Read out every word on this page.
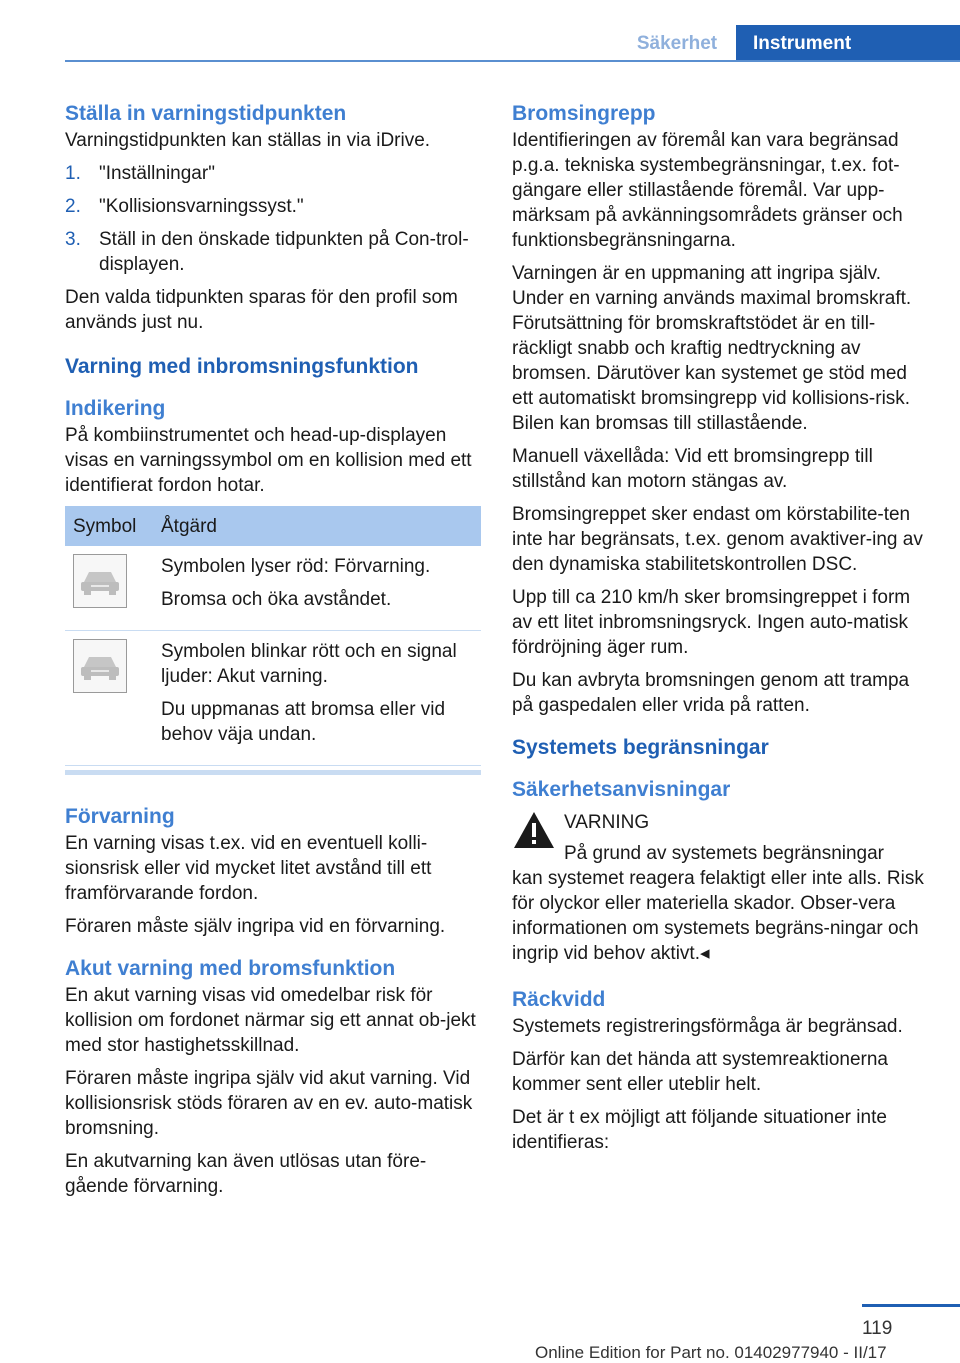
Säkerhet	Instrument
Ställa in varningstidpunkten

Varningstidpunkten kan ställas in via iDrive.

1. "Inställningar"
2. "Kollisionsvarningssyst."
3. Ställ in den önskade tidpunkten på Con-trol-displayen.

Den valda tidpunkten sparas för den profil som används just nu.

Varning med inbromsningsfunktion
Indikering

På kombiinstrumentet och head-up-displayen visas en varningssymbol om en kollision med ett identifierat fordon hotar.

Symbol	Åtgärd

Symbolen lyser röd: Förvarning.

Bromsa och öka avståndet.

Symbolen blinkar rött och en signal ljuder: Akut varning.

Du uppmanas att bromsa eller vid behov väja undan.

Förvarning

En varning visas t.ex. vid en eventuell kolli-sionsrisk eller vid mycket litet avstånd till ett framförvarande fordon.

Föraren måste själv ingripa vid en förvarning.

Akut varning med bromsfunktion

En akut varning visas vid omedelbar risk för kollision om fordonet närmar sig ett annat ob-jekt med stor hastighetsskillnad.

Föraren måste ingripa själv vid akut varning. Vid kollisionsrisk stöds föraren av en ev. auto-matisk bromsning.

En akutvarning kan även utlösas utan före-gående förvarning.

Bromsingrepp

Identifieringen av föremål kan vara begränsad p.g.a. tekniska systembegränsningar, t.ex. fot-gängare eller stillastående föremål. Var upp-märksam på avkänningsområdets gränser och funktionsbegränsningarna.

Varningen är en uppmaning att ingripa själv. Under en varning används maximal bromskraft. Förutsättning för bromskraftstödet är en till-räckligt snabb och kraftig nedtryckning av bromsen. Därutöver kan systemet ge stöd med ett automatiskt bromsingrepp vid kollisions-risk. Bilen kan bromsas till stillastående.

Manuell växellåda: Vid ett bromsingrepp till stillstånd kan motorn stängas av.

Bromsingreppet sker endast om körstabilite-ten inte har begränsats, t.ex. genom avaktiver-ing av den dynamiska stabilitetskontrollen DSC.

Upp till ca 210 km/h sker bromsingreppet i form av ett litet inbromsningsryck. Ingen auto-matisk fördröjning äger rum.

Du kan avbryta bromsningen genom att trampa på gaspedalen eller vrida på ratten.

Systemets begränsningar
Säkerhetsanvisningar

VARNING

På grund av systemets begränsningar

kan systemet reagera felaktigt eller inte alls. Risk för olyckor eller materiella skador. Obser-vera informationen om systemets begräns-ningar och ingrip vid behov aktivt.◂

Räckvidd

Systemets registreringsförmåga är begränsad.

Därför kan det hända att systemreaktionerna kommer sent eller uteblir helt.

Det är t ex möjligt att följande situationer inte identifieras:

119
Online Edition for Part no. 01402977940 - II/17
